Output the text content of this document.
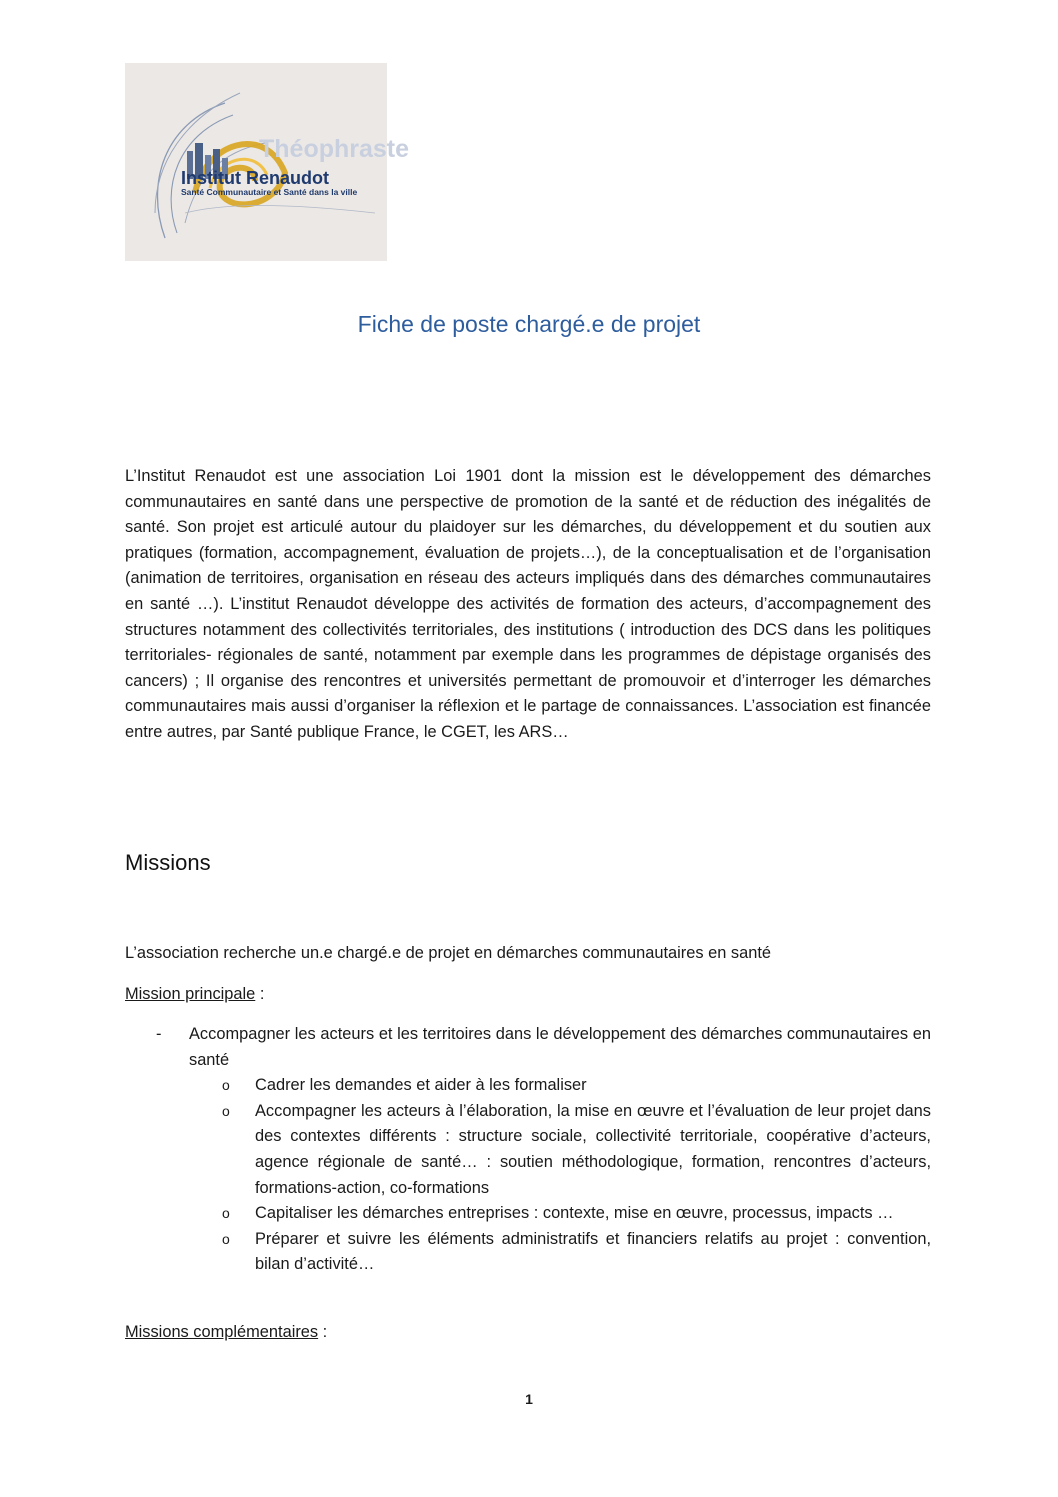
Théophraste
Institut Renaudot
Santé Communautaire et Santé dans la ville
Fiche de poste chargé.e de projet

L’Institut Renaudot est une association Loi 1901 dont la mission est le développement des démarches communautaires en santé dans une perspective de promotion de la santé et de réduction des inégalités de santé. Son projet est articulé autour du plaidoyer sur les démarches, du développement et du soutien aux pratiques (formation, accompagnement, évaluation de projets…), de la conceptualisation et de l’organisation (animation de territoires, organisation en réseau des acteurs impliqués dans des démarches communautaires en santé …). L’institut Renaudot développe des activités de formation des acteurs, d’accompagnement des structures notamment des collectivités territoriales, des institutions ( introduction des DCS dans les politiques territoriales- régionales de santé, notamment par exemple dans les programmes de dépistage organisés des cancers) ; Il organise des rencontres et universités permettant de promouvoir et d’interroger les démarches communautaires mais aussi d’organiser la réflexion et le partage de connaissances. L’association est financée entre autres, par Santé publique France, le CGET, les ARS…

Missions

L’association recherche un.e chargé.e de projet en démarches communautaires en santé

Mission principale :

- Accompagner les acteurs et les territoires dans le développement des démarches communautaires en santé
o Cadrer les demandes et aider à les formaliser
o Accompagner les acteurs à l’élaboration, la mise en œuvre et l’évaluation de leur projet dans des contextes différents : structure sociale, collectivité territoriale, coopérative d’acteurs, agence régionale de santé… : soutien méthodologique, formation, rencontres d’acteurs, formations-action, co-formations
o Capitaliser les démarches entreprises : contexte, mise en œuvre, processus, impacts …
o Préparer et suivre les éléments administratifs et financiers relatifs au projet : convention, bilan d’activité…

Missions complémentaires :

1
